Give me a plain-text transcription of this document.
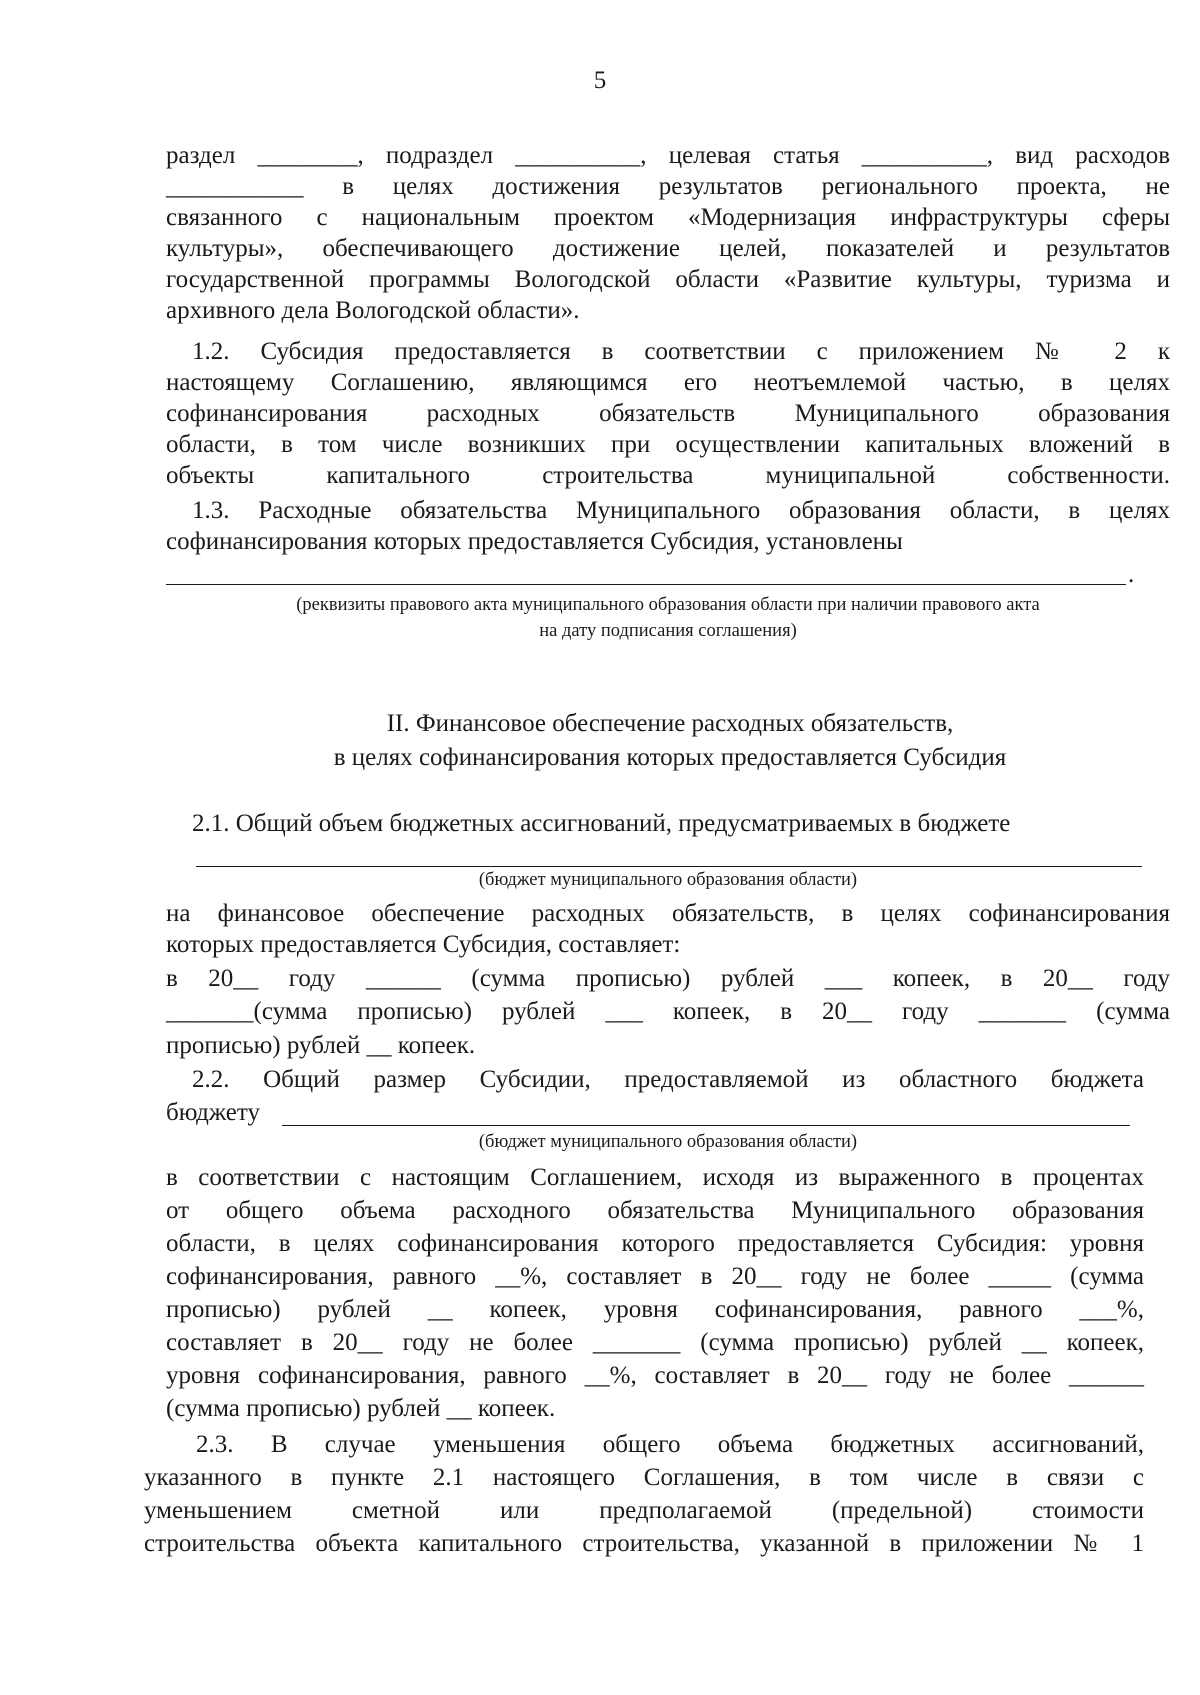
5
раздел ________, подраздел __________, целевая статья __________, вид расходов
___________ в целях достижения результатов регионального проекта, не
связанного с национальным проектом «Модернизация инфраструктуры сферы
культуры», обеспечивающего достижение целей, показателей и результатов
государственной программы Вологодской области «Развитие культуры, туризма и
архивного дела Вологодской области».
1.2. Субсидия предоставляется в соответствии с приложением № 2 к
настоящему Соглашению, являющимся его неотъемлемой частью, в целях
софинансирования расходных обязательств Муниципального образования
области, в том числе возникших при осуществлении капитальных вложений в
объекты капитального строительства муниципальной собственности.
1.3. Расходные обязательства Муниципального образования области, в целях
софинансирования которых предоставляется Субсидия, установлены
.
(реквизиты правового акта муниципального образования области при наличии правового акта
на дату подписания соглашения)
II. Финансовое обеспечение расходных обязательств,
в целях софинансирования которых предоставляется Субсидия
2.1. Общий объем бюджетных ассигнований, предусматриваемых в бюджете
(бюджет муниципального образования области)
на финансовое обеспечение расходных обязательств, в целях софинансирования
которых предоставляется Субсидия, составляет:
в 20__ году ______ (сумма прописью) рублей ___ копеек, в 20__ году
_______(сумма прописью) рублей ___ копеек, в 20__ году _______ (сумма
прописью) рублей __ копеек.
2.2. Общий размер Субсидии, предоставляемой из областного бюджета
бюджету
(бюджет муниципального образования области)
в соответствии с настоящим Соглашением, исходя из выраженного в процентах
от общего объема расходного обязательства Муниципального образования
области, в целях софинансирования которого предоставляется Субсидия: уровня
софинансирования, равного __%, составляет в 20__ году не более _____ (сумма
прописью) рублей __ копеек, уровня софинансирования, равного ___%,
составляет в 20__ году не более _______ (сумма прописью) рублей __ копеек,
уровня софинансирования, равного __%, составляет в 20__ году не более ______
(сумма прописью) рублей __ копеек.
2.3. В случае уменьшения общего объема бюджетных ассигнований,
указанного в пункте 2.1 настоящего Соглашения, в том числе в связи с
уменьшением сметной или предполагаемой (предельной) стоимости
строительства объекта капитального строительства, указанной в приложении № 1
